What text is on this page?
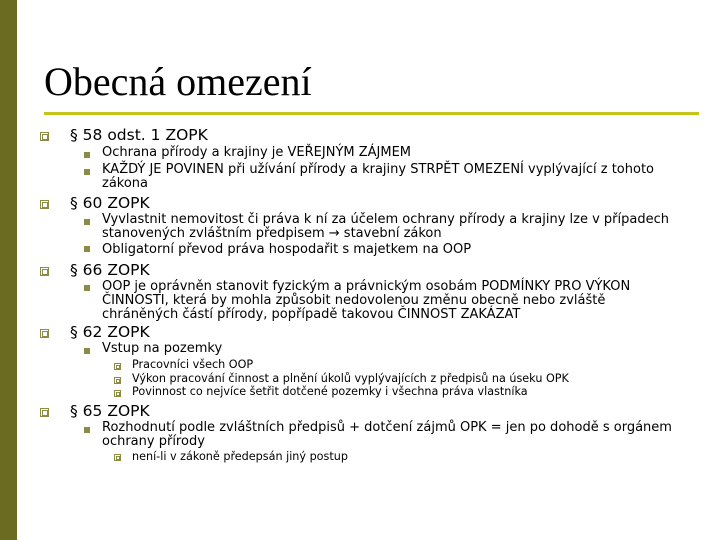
Obecná omezení
§ 58 odst. 1 ZOPK
Ochrana přírody a krajiny je VEŘEJNÝM ZÁJMEM
KAŽDÝ JE POVINEN při užívání přírody a krajiny STRPĚT OMEZENÍ vyplývající z tohoto zákona
§ 60 ZOPK
Vyvlastnit nemovitost či práva k ní za účelem ochrany přírody a krajiny lze v případech stanovených zvláštním předpisem → stavební zákon
Obligatorní převod práva hospodařit s majetkem na OOP
§ 66 ZOPK
OOP je oprávněn stanovit fyzickým a právnickým osobám PODMÍNKY PRO VÝKON ČINNOSTI, která by mohla způsobit nedovolenou změnu obecně nebo zvláště chráněných částí přírody, popřípadě takovou ČINNOST ZAKÁZAT
§ 62 ZOPK
Vstup na pozemky
Pracovníci všech OOP
Výkon pracování činnost a plnění úkolů vyplývajících z předpisů na úseku OPK
Povinnost co nejvíce šetřit dotčené pozemky i všechna práva vlastníka
§ 65 ZOPK
Rozhodnutí podle zvláštních předpisů + dotčení zájmů OPK = jen po dohodě s orgánem ochrany přírody
není-li v zákoně předepsán jiný postup
